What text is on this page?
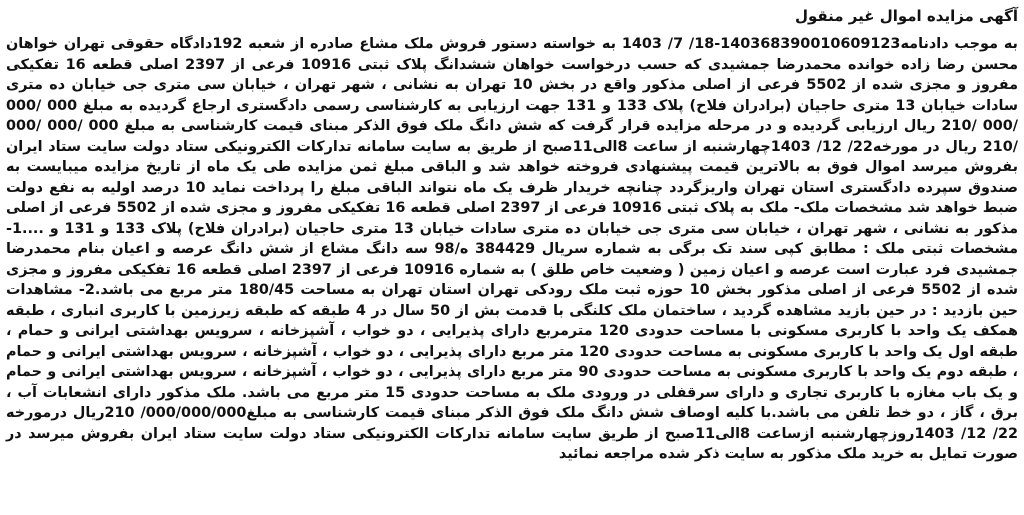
آگهی مزایده اموال غیر منقول

به موجب دادنامه140368390010609123-18/ 7/ 1403 به خواسته دستور فروش ملک مشاع صادره از شعبه 192دادگاه حقوقی تهران خواهان محسن رضا زاده خوانده محمدرضا جمشیدی که حسب درخواست خواهان ششدانگ پلاک ثبتی 10916 فرعی از 2397 اصلی قطعه 16 تفکیکی مفروز و مجزی شده از 5502 فرعی از اصلی مذکور واقع در بخش 10 تهران به نشانی ، شهر تهران ، خیابان سی متری جی خیابان ده متری سادات خیابان 13 متری حاجیان (برادران فلاح) پلاک 133 و 131 جهت ارزیابی به کارشناسی رسمی دادگستری ارجاع گردیده به مبلغ 000 /000 /000 /210 ریال ارزیابی گردیده و در مرحله مزایده قرار گرفت که شش دانگ ملک فوق الذکر مبنای قیمت کارشناسی به مبلغ 000 /000 /000 /210 ریال در مورخه22/ 12/ 1403چهارشنبه از ساعت 8الی11صبح از طریق به سایت سامانه تدارکات الکترونیکی ستاد دولت سایت ستاد ایران بفروش میرسد اموال فوق به بالاترین قیمت پیشنهادی فروخته خواهد شد و الباقی مبلغ ثمن مزایده طی یک ماه از تاریخ مزایده میبایست به صندوق سپرده دادگستری استان تهران واریزگردد چنانچه خریدار ظرف یک ماه نتواند الباقی مبلغ را پرداخت نماید 10 درصد اولیه به نفع دولت ضبط خواهد شد مشخصات ملک- ملک به پلاک ثبتی 10916 فرعی از 2397 اصلی قطعه 16 تفکیکی مفروز و مجزی شده از 5502 فرعی از اصلی مذکور به نشانی ، شهر تهران ، خیابان سی متری جی خیابان ده متری سادات خیابان 13 متری حاجیان (برادران فلاح) پلاک 133 و 131 و ....1- مشخصات ثبتی ملک : مطابق کپی سند تک برگی به شماره سریال 384429 ه/98 سه دانگ مشاع از شش دانگ عرصه و اعیان بنام محمدرضا جمشیدی فرد عبارت است عرصه و اعیان زمین ( وضعیت خاص طلق ) به شماره 10916 فرعی از 2397 اصلی قطعه 16 تفکیکی مفروز و مجزی شده از 5502 فرعی از اصلی مذکور بخش 10 حوزه ثبت ملک رودکی تهران استان تهران به مساحت 180/45 متر مربع می باشد.2- مشاهدات حین بازدید : در حین بازید مشاهده گردید ، ساختمان ملک کلنگی با قدمت بش از 50 سال در 4 طبقه که طبقه زیرزمین با کاربری انباری ، طبقه همکف یک واحد با کاربری مسکونی با مساحت حدودی 120 مترمربع دارای پذیرایی ، دو خواب ، آشپزخانه ، سرویس بهداشتی ایرانی و حمام ، طبقه اول یک واحد با کاربری مسکونی به مساحت حدودی 120 متر مربع دارای پذیرایی ، دو خواب ، آشپزخانه ، سرویس بهداشتی ایرانی و حمام ، طبقه دوم یک واحد با کاربری مسکونی به مساحت حدودی 90 متر مربع دارای پذیرایی ، دو خواب ، آشپزخانه ، سرویس بهداشتی ایرانی و حمام و یک باب مغازه با کاربری تجاری و دارای سرقفلی در ورودی ملک به مساحت حدودی 15 متر مربع می باشد. ملک مذکور دارای انشعابات آب ، برق ، گاز ، دو خط تلفن می باشد.با کلیه اوصاف شش دانگ ملک فوق الذکر مبنای قیمت کارشناسی به مبلغ000/000/000/ 210ریال درمورخه 22/ 12/ 1403روزچهارشنبه ازساعت 8الی11صبح از طریق سایت سامانه تدارکات الکترونیکی ستاد دولت سایت ستاد ایران بفروش میرسد در صورت تمایل به خرید ملک مذکور به سایت ذکر شده مراجعه نمائید
